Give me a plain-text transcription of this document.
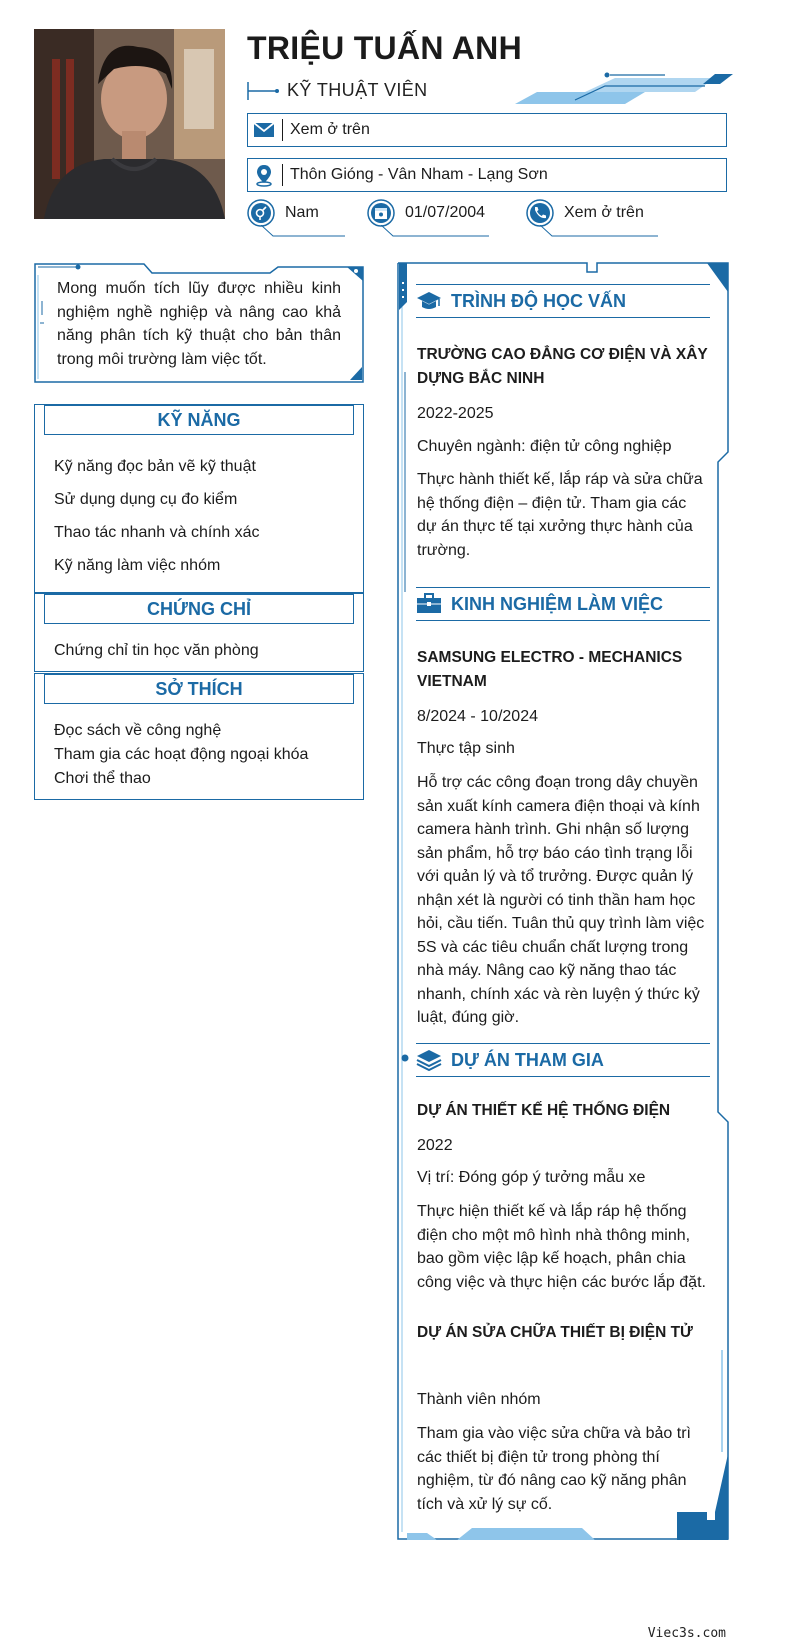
TRIỆU TUẤN ANH
KỸ THUẬT VIÊN
Xem ở trên
Thôn Gióng - Vân Nham - Lạng Sơn
Nam	01/07/2004	Xem ở trên
Mong muốn tích lũy được nhiều kinh nghiệm nghề nghiệp và nâng cao khả năng phân tích kỹ thuật cho bản thân trong môi trường làm việc tốt.
KỸ NĂNG
Kỹ năng đọc bản vẽ kỹ thuật
Sử dụng dụng cụ đo kiểm
Thao tác nhanh và chính xác
Kỹ năng làm việc nhóm
CHỨNG CHỈ
Chứng chỉ tin học văn phòng
SỞ THÍCH
Đọc sách về công nghệ
Tham gia các hoạt động ngoại khóa
Chơi thể thao
TRÌNH ĐỘ HỌC VẤN
TRƯỜNG CAO ĐẲNG CƠ ĐIỆN VÀ XÂY DỰNG BẮC NINH
2022-2025
Chuyên ngành: điện tử công nghiệp
Thực hành thiết kế, lắp ráp và sửa chữa hệ thống điện – điện tử. Tham gia các dự án thực tế tại xưởng thực hành của trường.
KINH NGHIỆM LÀM VIỆC
SAMSUNG ELECTRO - MECHANICS VIETNAM
8/2024 - 10/2024
Thực tập sinh
Hỗ trợ các công đoạn trong dây chuyền sản xuất kính camera điện thoại và kính camera hành trình. Ghi nhận số lượng sản phẩm, hỗ trợ báo cáo tình trạng lỗi với quản lý và tổ trưởng. Được quản lý nhận xét là người có tinh thần ham học hỏi, cầu tiến. Tuân thủ quy trình làm việc 5S và các tiêu chuẩn chất lượng trong nhà máy. Nâng cao kỹ năng thao tác nhanh, chính xác và rèn luyện ý thức kỷ luật, đúng giờ.
DỰ ÁN THAM GIA
DỰ ÁN THIẾT KẾ HỆ THỐNG ĐIỆN
2022
Vị trí: Đóng góp ý tưởng mẫu xe
Thực hiện thiết kế và lắp ráp hệ thống điện cho một mô hình nhà thông minh, bao gồm việc lập kế hoạch, phân chia công việc và thực hiện các bước lắp đặt.
DỰ ÁN SỬA CHỮA THIẾT BỊ ĐIỆN TỬ
Thành viên nhóm
Tham gia vào việc sửa chữa và bảo trì các thiết bị điện tử trong phòng thí nghiệm, từ đó nâng cao kỹ năng phân tích và xử lý sự cố.
Viec3s.com
